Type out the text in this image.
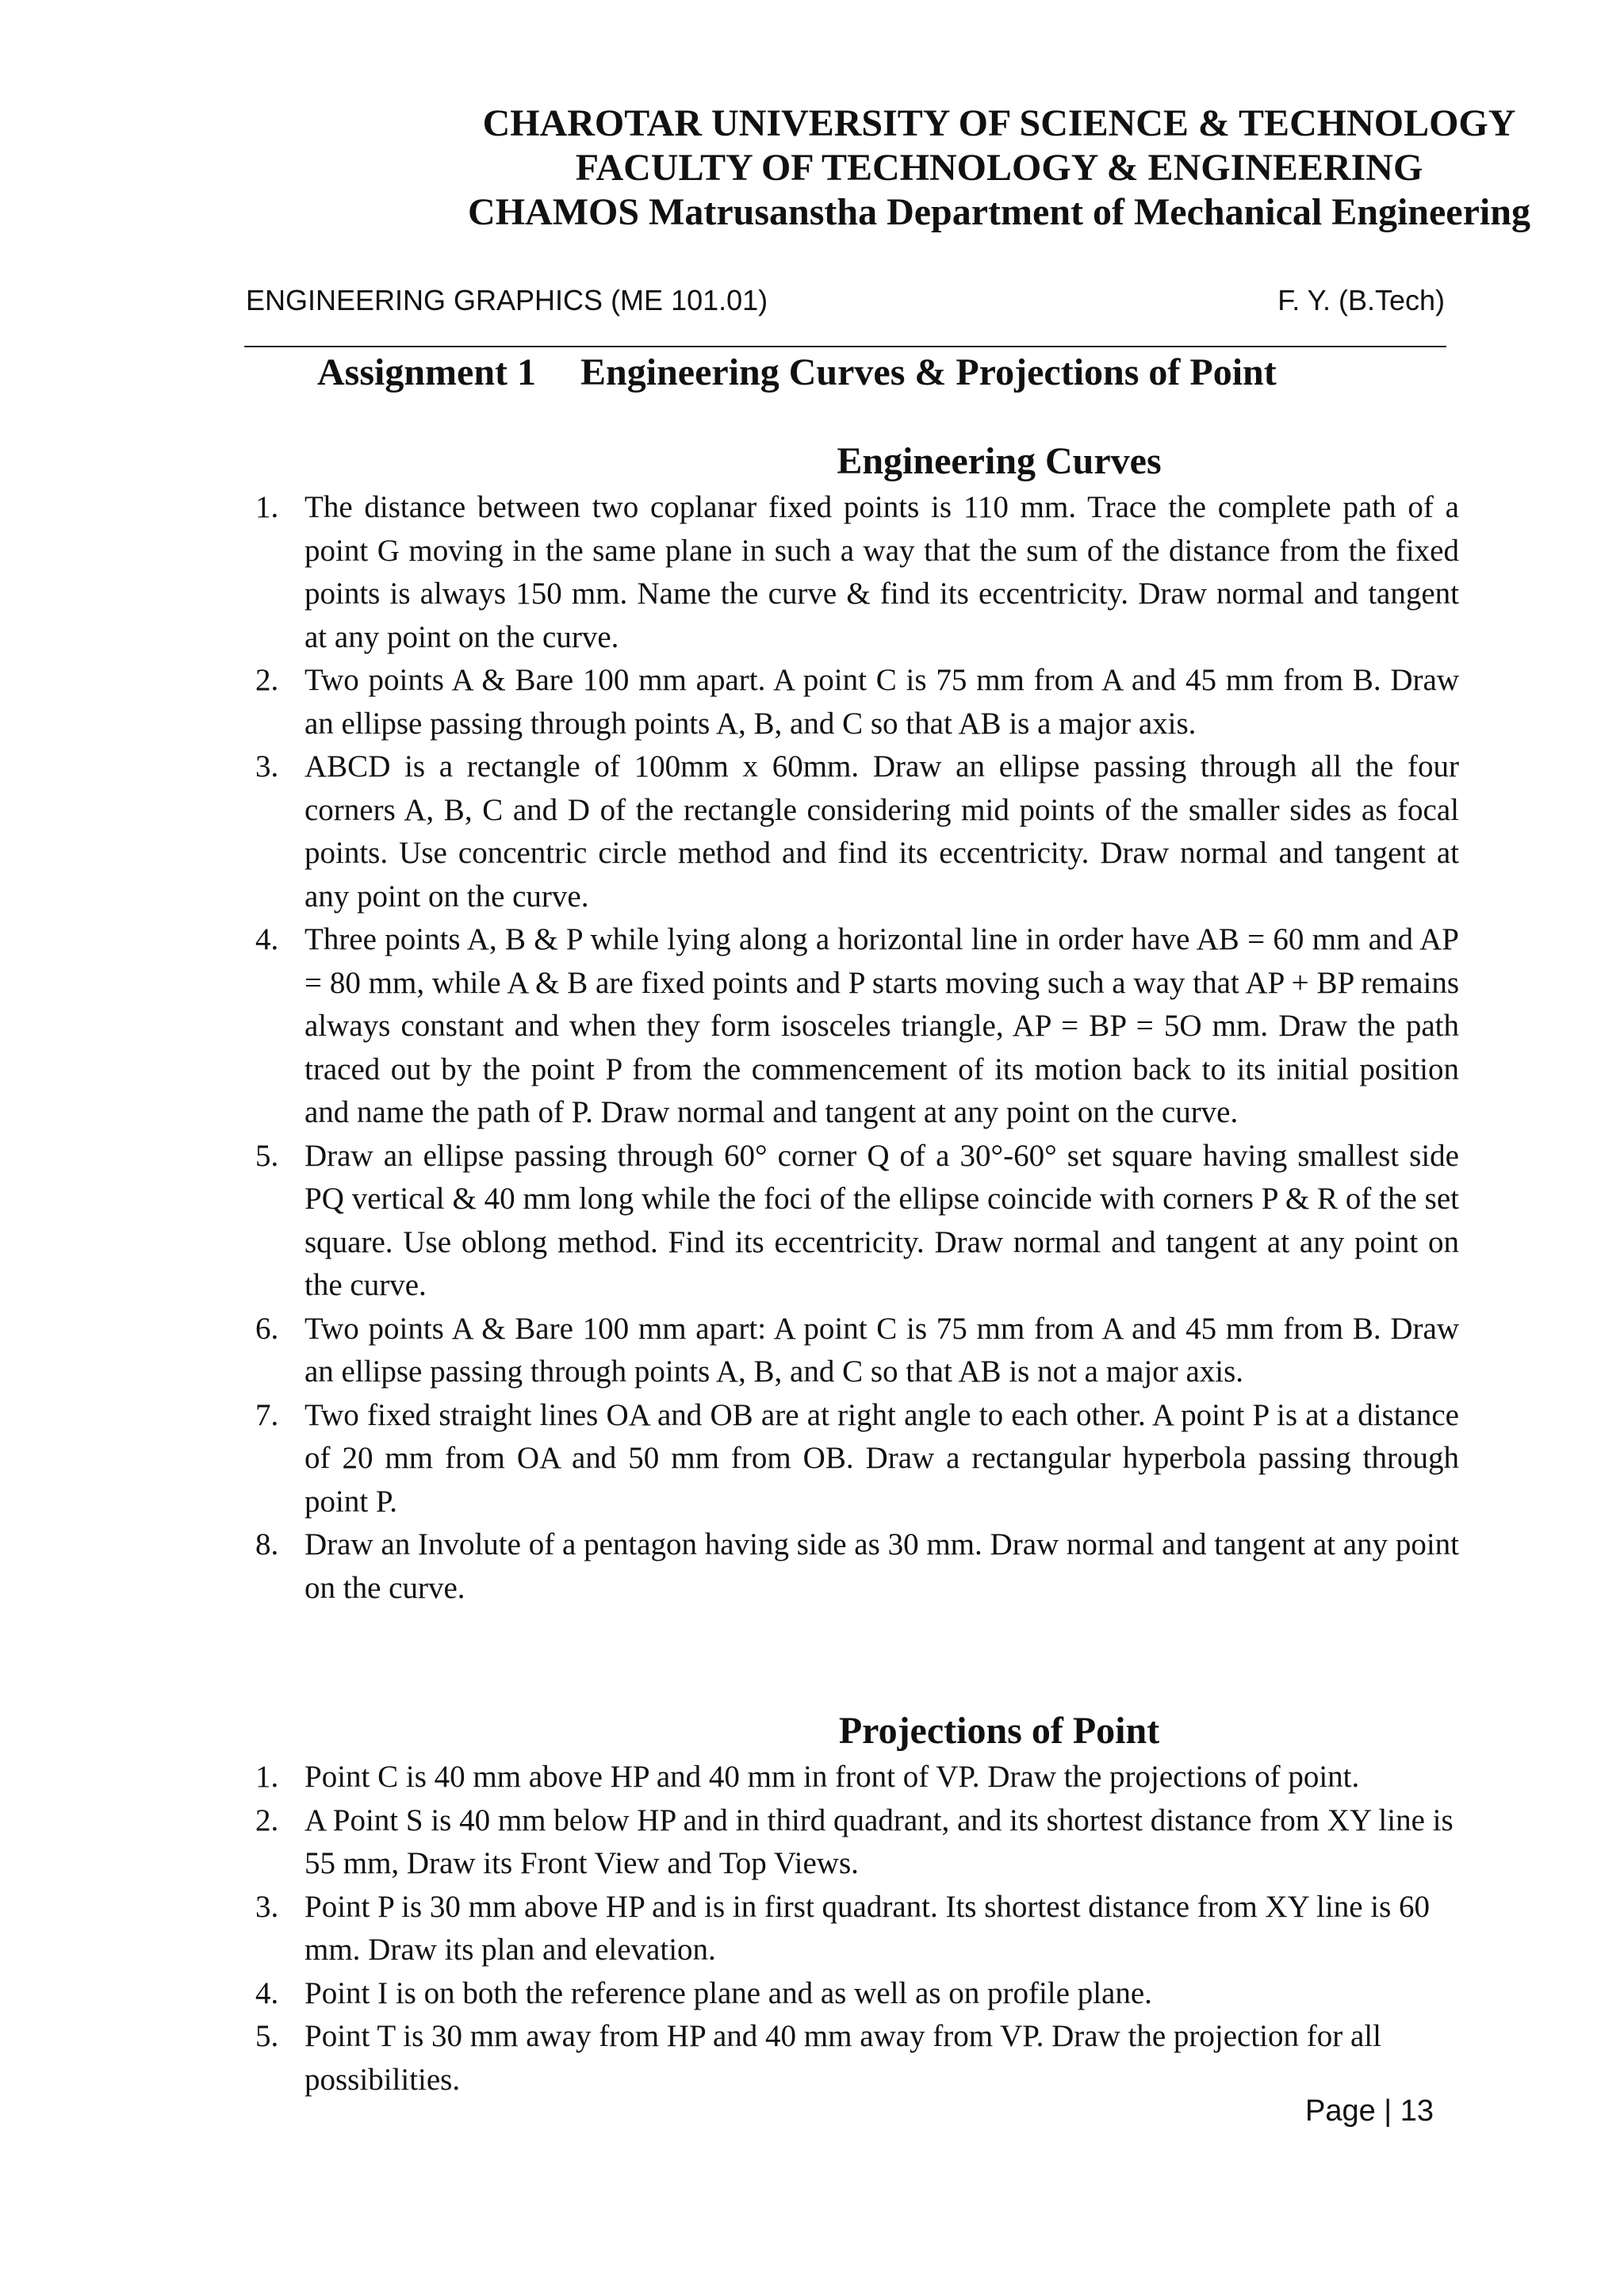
CHAROTAR UNIVERSITY OF SCIENCE & TECHNOLOGY
FACULTY OF TECHNOLOGY & ENGINEERING
CHAMOS Matrusanstha Department of Mechanical Engineering
ENGINEERING GRAPHICS (ME 101.01)	F. Y. (B.Tech)
Assignment 1 Engineering Curves & Projections of Point
Engineering Curves
1. The distance between two coplanar fixed points is 110 mm. Trace the complete path of a point G moving in the same plane in such a way that the sum of the distance from the fixed points is always 150 mm. Name the curve & find its eccentricity. Draw normal and tangent at any point on the curve.
2. Two points A & Bare 100 mm apart. A point C is 75 mm from A and 45 mm from B. Draw an ellipse passing through points A, B, and C so that AB is a major axis.
3. ABCD is a rectangle of 100mm x 60mm. Draw an ellipse passing through all the four corners A, B, C and D of the rectangle considering mid points of the smaller sides as focal points. Use concentric circle method and find its eccentricity. Draw normal and tangent at any point on the curve.
4. Three points A, B & P while lying along a horizontal line in order have AB = 60 mm and AP = 80 mm, while A & B are fixed points and P starts moving such a way that AP + BP remains always constant and when they form isosceles triangle, AP = BP = 5O mm. Draw the path traced out by the point P from the commencement of its motion back to its initial position and name the path of P. Draw normal and tangent at any point on the curve.
5. Draw an ellipse passing through 60° corner Q of a 30°-60° set square having smallest side PQ vertical & 40 mm long while the foci of the ellipse coincide with corners P & R of the set square. Use oblong method. Find its eccentricity. Draw normal and tangent at any point on the curve.
6. Two points A & Bare 100 mm apart: A point C is 75 mm from A and 45 mm from B. Draw an ellipse passing through points A, B, and C so that AB is not a major axis.
7. Two fixed straight lines OA and OB are at right angle to each other. A point P is at a distance of 20 mm from OA and 50 mm from OB. Draw a rectangular hyperbola passing through point P.
8. Draw an Involute of a pentagon having side as 30 mm. Draw normal and tangent at any point on the curve.
Projections of Point
1. Point C is 40 mm above HP and 40 mm in front of VP. Draw the projections of point.
2. A Point S is 40 mm below HP and in third quadrant, and its shortest distance from XY line is 55 mm, Draw its Front View and Top Views.
3. Point P is 30 mm above HP and is in first quadrant. Its shortest distance from XY line is 60 mm. Draw its plan and elevation.
4. Point I is on both the reference plane and as well as on profile plane.
5. Point T is 30 mm away from HP and 40 mm away from VP. Draw the projection for all possibilities.
Page | 13
